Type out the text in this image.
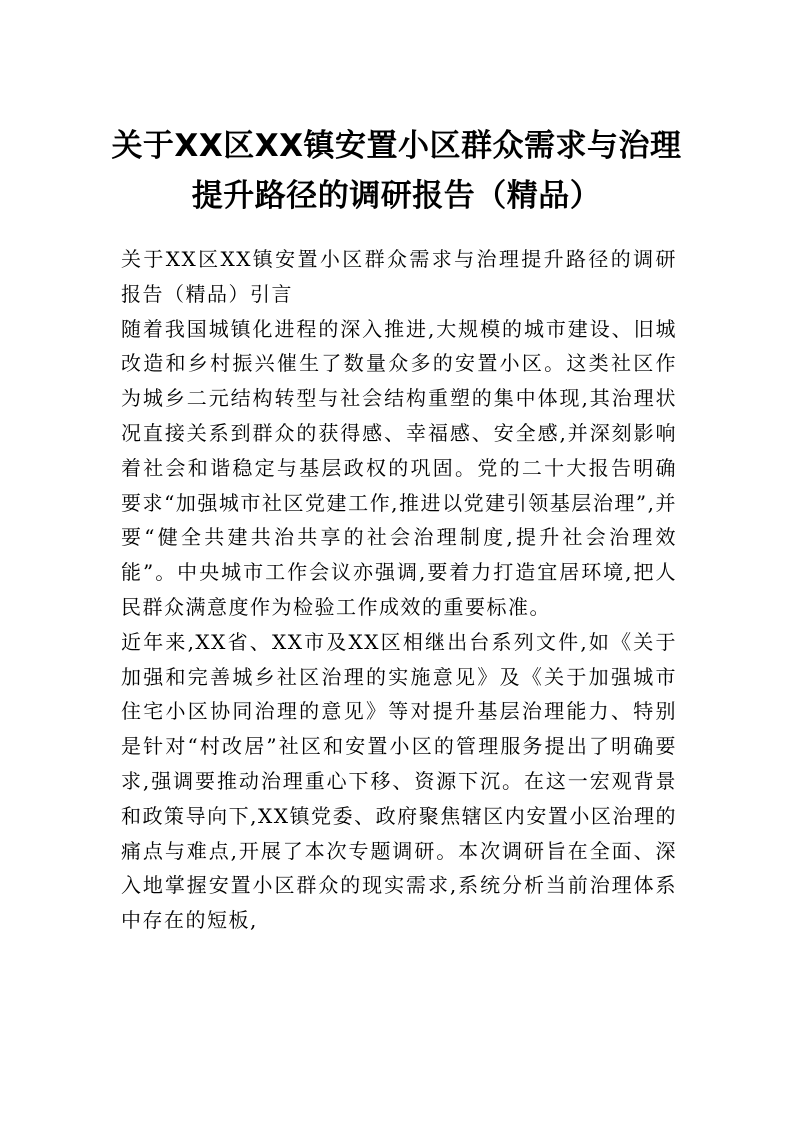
关于XX区XX镇安置小区群众需求与治理提升路径的调研报告（精品）

关于XX区XX镇安置小区群众需求与治理提升路径的调研报告（精品）引言

随着我国城镇化进程的深入推进,大规模的城市建设、旧城改造和乡村振兴催生了数量众多的安置小区。这类社区作为城乡二元结构转型与社会结构重塑的集中体现,其治理状况直接关系到群众的获得感、幸福感、安全感,并深刻影响着社会和谐稳定与基层政权的巩固。党的二十大报告明确要求“加强城市社区党建工作,推进以党建引领基层治理”,并要“健全共建共治共享的社会治理制度,提升社会治理效能”。中央城市工作会议亦强调,要着力打造宜居环境,把人民群众满意度作为检验工作成效的重要标准。

近年来,XX省、XX市及XX区相继出台系列文件,如《关于加强和完善城乡社区治理的实施意见》及《关于加强城市住宅小区协同治理的意见》等对提升基层治理能力、特别是针对“村改居”社区和安置小区的管理服务提出了明确要求,强调要推动治理重心下移、资源下沉。在这一宏观背景和政策导向下,XX镇党委、政府聚焦辖区内安置小区治理的痛点与难点,开展了本次专题调研。本次调研旨在全面、深入地掌握安置小区群众的现实需求,系统分析当前治理体系中存在的短板,
